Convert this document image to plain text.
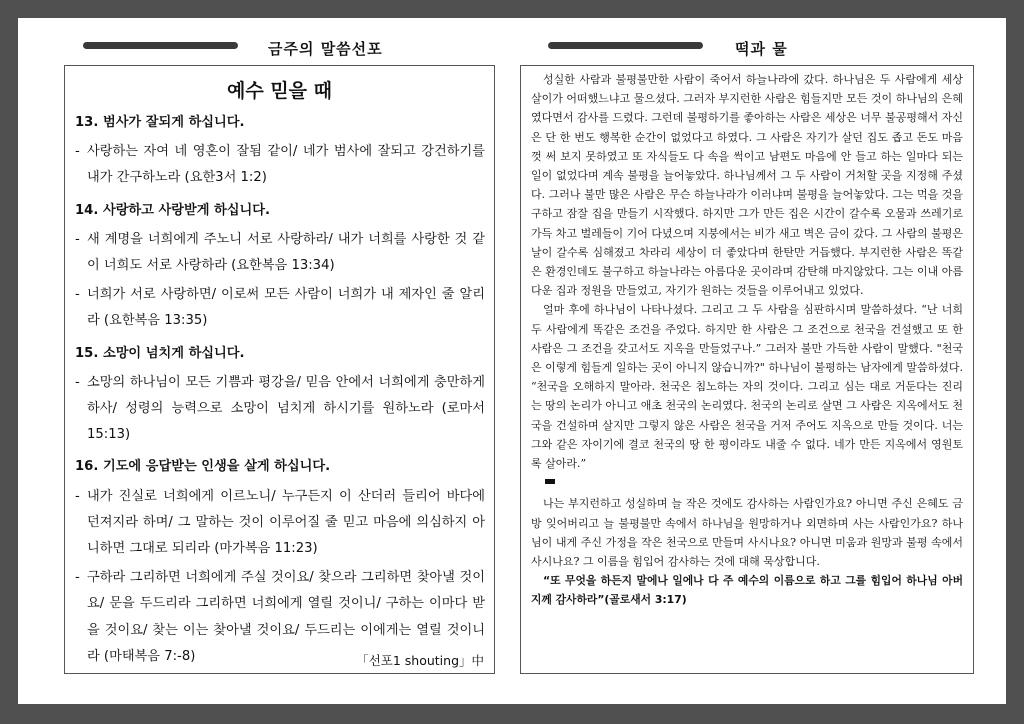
금주의 말씀선포	떡과 물
예수 믿을 때
13. 범사가 잘되게 하십니다.
- 사랑하는 자여 네 영혼이 잘됨 같이/ 네가 범사에 잘되고 강건하기를 내가 간구하노라 (요한3서 1:2)
14. 사랑하고 사랑받게 하십니다.
- 새 계명을 너희에게 주노니 서로 사랑하라/ 내가 너희를 사랑한 것 같이 너희도 서로 사랑하라 (요한복음 13:34)
- 너희가 서로 사랑하면/ 이로써 모든 사람이 너희가 내 제자인 줄 알리라 (요한복음 13:35)
15. 소망이 넘치게 하십니다.
- 소망의 하나님이 모든 기쁨과 평강을/ 믿음 안에서 너희에게 충만하게 하사/ 성령의 능력으로 소망이 넘치게 하시기를 원하노라 (로마서 15:13)
16. 기도에 응답받는 인생을 살게 하십니다.
- 내가 진실로 너희에게 이르노니/ 누구든지 이 산더러 들리어 바다에 던져지라 하며/ 그 말하는 것이 이루어질 줄 믿고 마음에 의심하지 아니하면 그대로 되리라 (마가복음 11:23)
- 구하라 그리하면 너희에게 주실 것이요/ 찾으라 그리하면 찾아낼 것이요/ 문을 두드리라 그리하면 너희에게 열릴 것이니/ 구하는 이마다 받을 것이요/ 찾는 이는 찾아낼 것이요/ 두드리는 이에게는 열릴 것이니라 (마태복음 7:-8)	「선포1 shouting」中

성실한 사람과 불평불만한 사람이 죽어서 하늘나라에 갔다. 하나님은 두 사람에게 세상살이가 어떠했느냐고 물으셨다. 그러자 부지런한 사람은 힘들지만 모든 것이 하나님의 은혜였다면서 감사를 드렸다. 그런데 불평하기를 좋아하는 사람은 세상은 너무 불공평해서 자신은 단 한 번도 행복한 순간이 없었다고 하였다. 그 사람은 자기가 살던 집도 좁고 돈도 마음껏 써 보지 못하였고 또 자식들도 다 속을 썩이고 남편도 마음에 안 들고 하는 일마다 되는 일이 없었다며 계속 불평을 늘어놓았다. 하나님께서 그 두 사람이 거처할 곳을 지정해 주셨다. 그러나 불만 많은 사람은 무슨 하늘나라가 이러냐며 불평을 늘어놓았다. 그는 먹을 것을 구하고 잠잘 집을 만들기 시작했다. 하지만 그가 만든 집은 시간이 갈수록 오물과 쓰레기로 가득 차고 벌레들이 기어 다녔으며 지붕에서는 비가 새고 벽은 금이 갔다. 그 사람의 불평은 날이 갈수록 심해졌고 차라리 세상이 더 좋았다며 한탄만 거듭했다. 부지런한 사람은 똑같은 환경인데도 불구하고 하늘나라는 아름다운 곳이라며 감탄해 마지않았다. 그는 이내 아름다운 집과 정원을 만들었고, 자기가 원하는 것들을 이루어내고 있었다.

얼마 후에 하나님이 나타나셨다. 그리고 그 두 사람을 심판하시며 말씀하셨다. “난 너희 두 사람에게 똑같은 조건을 주었다. 하지만 한 사람은 그 조건으로 천국을 건설했고 또 한 사람은 그 조건을 갖고서도 지옥을 만들었구나.” 그러자 불만 가득한 사람이 말했다. "천국은 이렇게 힘들게 일하는 곳이 아니지 않습니까?" 하나님이 불평하는 남자에게 말씀하셨다. “천국을 오해하지 말아라. 천국은 침노하는 자의 것이다. 그리고 심는 대로 거둔다는 진리는 땅의 논리가 아니고 애초 천국의 논리였다. 천국의 논리로 살면 그 사람은 지옥에서도 천국을 건설하며 살지만 그렇지 않은 사람은 천국을 거저 주어도 지옥으로 만들 것이다. 너는 그와 같은 자이기에 결코 천국의 땅 한 평이라도 내줄 수 없다. 네가 만든 지옥에서 영원토록 살아라.”

나는 부지런하고 성실하며 늘 작은 것에도 감사하는 사람인가요? 아니면 주신 은혜도 금방 잊어버리고 늘 불평불만 속에서 하나님을 원망하거나 외면하며 사는 사람인가요? 하나님이 내게 주신 가정을 작은 천국으로 만들며 사시나요? 아니면 미움과 원망과 불평 속에서 사시나요? 그 이름을 힘입어 감사하는 것에 대해 묵상합니다.

“또 무엇을 하든지 말에나 일에나 다 주 예수의 이름으로 하고 그를 힘입어 하나님 아버지께 감사하라”(골로새서 3:17)
